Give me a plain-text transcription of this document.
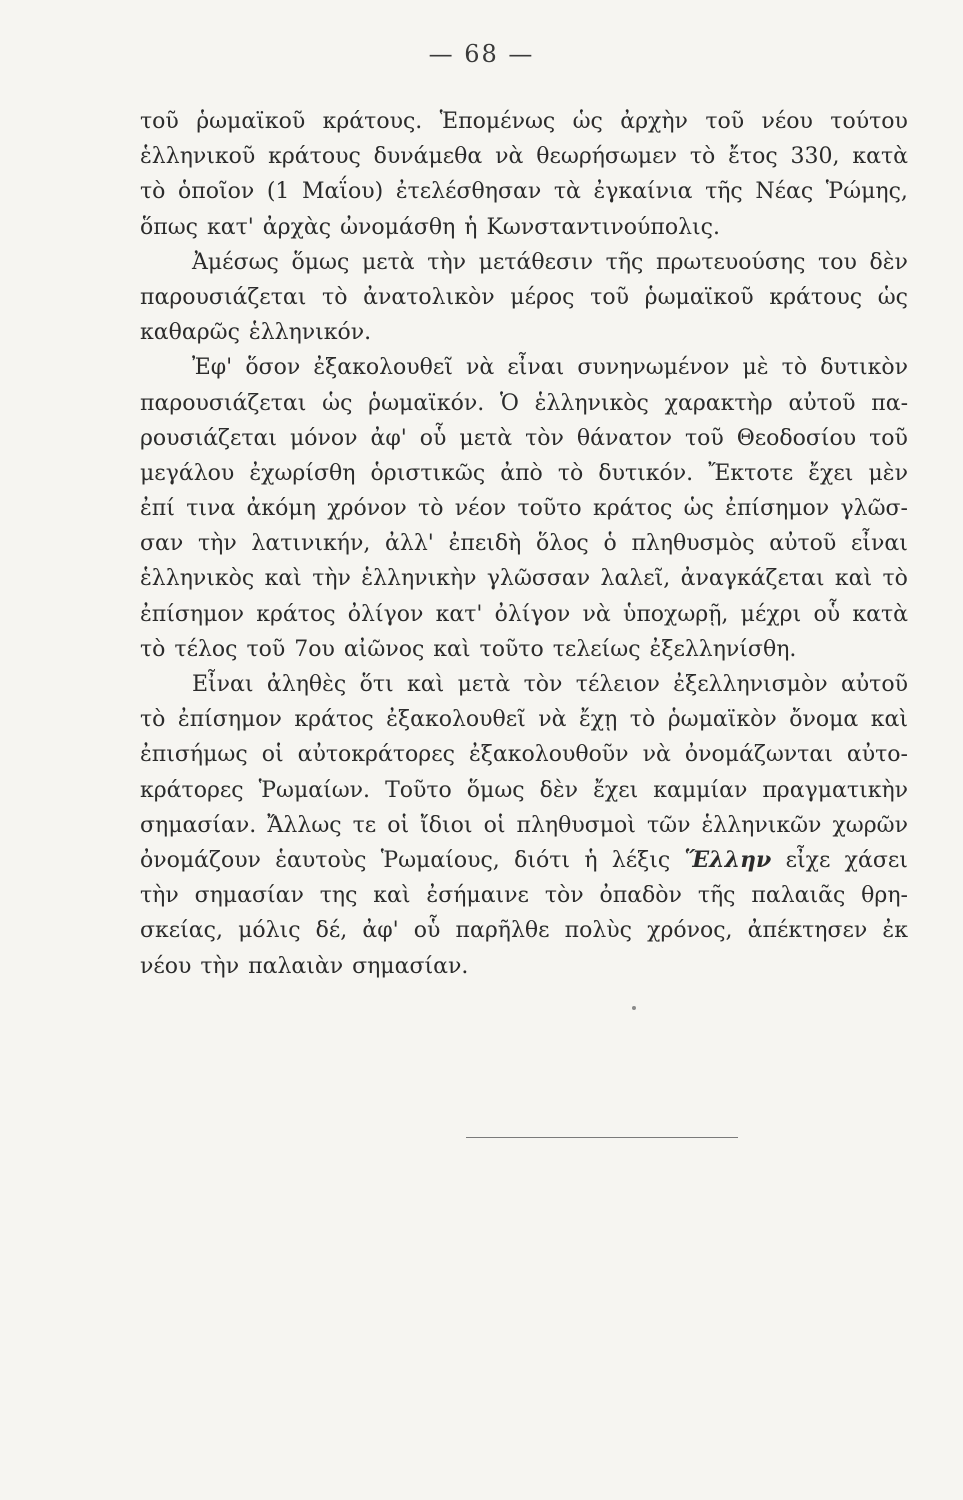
— 68 —
τοῦ ῥωμαϊκοῦ κράτους. Ἑπομένως ὡς ἀρχὴν τοῦ νέου τούτου
ἑλληνικοῦ κράτους δυνάμεθα νὰ θεωρήσωμεν τὸ ἔτος 330, κατὰ
τὸ ὁποῖον (1 Μαΐου) ἐτελέσθησαν τὰ ἐγκαίνια τῆς Νέας Ῥώμης,
ὅπως κατ' ἀρχὰς ὠνομάσθη ἡ Κωνσταντινούπολις.
Ἀμέσως ὅμως μετὰ τὴν μετάθεσιν τῆς πρωτευούσης του δὲν
παρουσιάζεται τὸ ἀνατολικὸν μέρος τοῦ ῥωμαϊκοῦ κράτους ὡς
καθαρῶς ἑλληνικόν.
Ἐφ' ὅσον ἐξακολουθεῖ νὰ εἶναι συνηνωμένον μὲ τὸ δυτικὸν
παρουσιάζεται ὡς ῥωμαϊκόν. Ὁ ἑλληνικὸς χαρακτὴρ αὐτοῦ πα-
ρουσιάζεται μόνον ἀφ' οὗ μετὰ τὸν θάνατον τοῦ Θεοδοσίου τοῦ
μεγάλου ἐχωρίσθη ὁριστικῶς ἀπὸ τὸ δυτικόν. Ἔκτοτε ἔχει μὲν
ἐπί τινα ἀκόμη χρόνον τὸ νέον τοῦτο κράτος ὡς ἐπίσημον γλῶσ-
σαν τὴν λατινικήν, ἀλλ' ἐπειδὴ ὅλος ὁ πληθυσμὸς αὐτοῦ εἶναι
ἑλληνικὸς καὶ τὴν ἑλληνικὴν γλῶσσαν λαλεῖ, ἀναγκάζεται καὶ τὸ
ἐπίσημον κράτος ὀλίγον κατ' ὀλίγον νὰ ὑποχωρῇ, μέχρι οὗ κατὰ
τὸ τέλος τοῦ 7ου αἰῶνος καὶ τοῦτο τελείως ἐξελληνίσθη.
Εἶναι ἀληθὲς ὅτι καὶ μετὰ τὸν τέλειον ἐξελληνισμὸν αὐτοῦ
τὸ ἐπίσημον κράτος ἐξακολουθεῖ νὰ ἔχῃ τὸ ῥωμαϊκὸν ὄνομα καὶ
ἐπισήμως οἱ αὐτοκράτορες ἐξακολουθοῦν νὰ ὀνομάζωνται αὐτο-
κράτορες Ῥωμαίων. Τοῦτο ὅμως δὲν ἔχει καμμίαν πραγματικὴν
σημασίαν. Ἄλλως τε οἱ ἴδιοι οἱ πληθυσμοὶ τῶν ἑλληνικῶν χωρῶν
ὀνομάζουν ἑαυτοὺς Ῥωμαίους, διότι ἡ λέξις Ἕλλην εἶχε χάσει
τὴν σημασίαν της καὶ ἐσήμαινε τὸν ὀπαδὸν τῆς παλαιᾶς θρη-
σκείας, μόλις δέ, ἀφ' οὗ παρῆλθε πολὺς χρόνος, ἀπέκτησεν ἐκ
νέου τὴν παλαιὰν σημασίαν.
